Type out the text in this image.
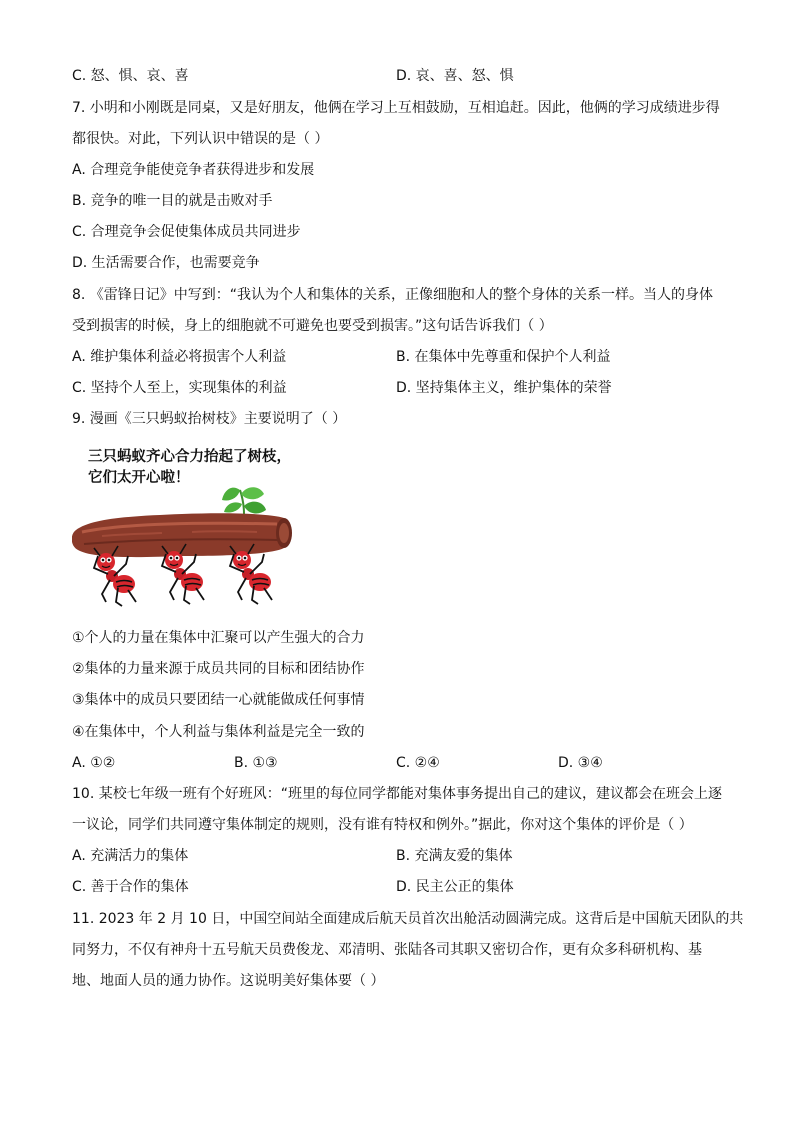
C. 怒、惧、哀、喜	D. 哀、喜、怒、惧
7. 小明和小刚既是同桌，又是好朋友，他俩在学习上互相鼓励，互相追赶。因此，他俩的学习成绩进步得
都很快。对此，下列认识中错误的是（ ）
A. 合理竞争能使竞争者获得进步和发展
B. 竞争的唯一目的就是击败对手
C. 合理竞争会促使集体成员共同进步
D. 生活需要合作，也需要竞争
8. 《雷锋日记》中写到：“我认为个人和集体的关系，正像细胞和人的整个身体的关系一样。当人的身体
受到损害的时候，身上的细胞就不可避免也要受到损害。”这句话告诉我们（ ）
A. 维护集体利益必将损害个人利益	B. 在集体中先尊重和保护个人利益
C. 坚持个人至上，实现集体的利益	D. 坚持集体主义，维护集体的荣誉
9. 漫画《三只蚂蚁抬树枝》主要说明了（ ）
三只蚂蚁齐心合力抬起了树枝，
它们太开心啦！
①个人的力量在集体中汇聚可以产生强大的合力
②集体的力量来源于成员共同的目标和团结协作
③集体中的成员只要团结一心就能做成任何事情
④在集体中，个人利益与集体利益是完全一致的
A. ①②	B. ①③	C. ②④	D. ③④
10. 某校七年级一班有个好班风：“班里的每位同学都能对集体事务提出自己的建议，建议都会在班会上逐
一议论，同学们共同遵守集体制定的规则，没有谁有特权和例外。”据此，你对这个集体的评价是（ ）
A. 充满活力的集体	B. 充满友爱的集体
C. 善于合作的集体	D. 民主公正的集体
11. 2023 年 2 月 10 日，中国空间站全面建成后航天员首次出舱活动圆满完成。这背后是中国航天团队的共
同努力，不仅有神舟十五号航天员费俊龙、邓清明、张陆各司其职又密切合作，更有众多科研机构、基
地、地面人员的通力协作。这说明美好集体要（ ）
